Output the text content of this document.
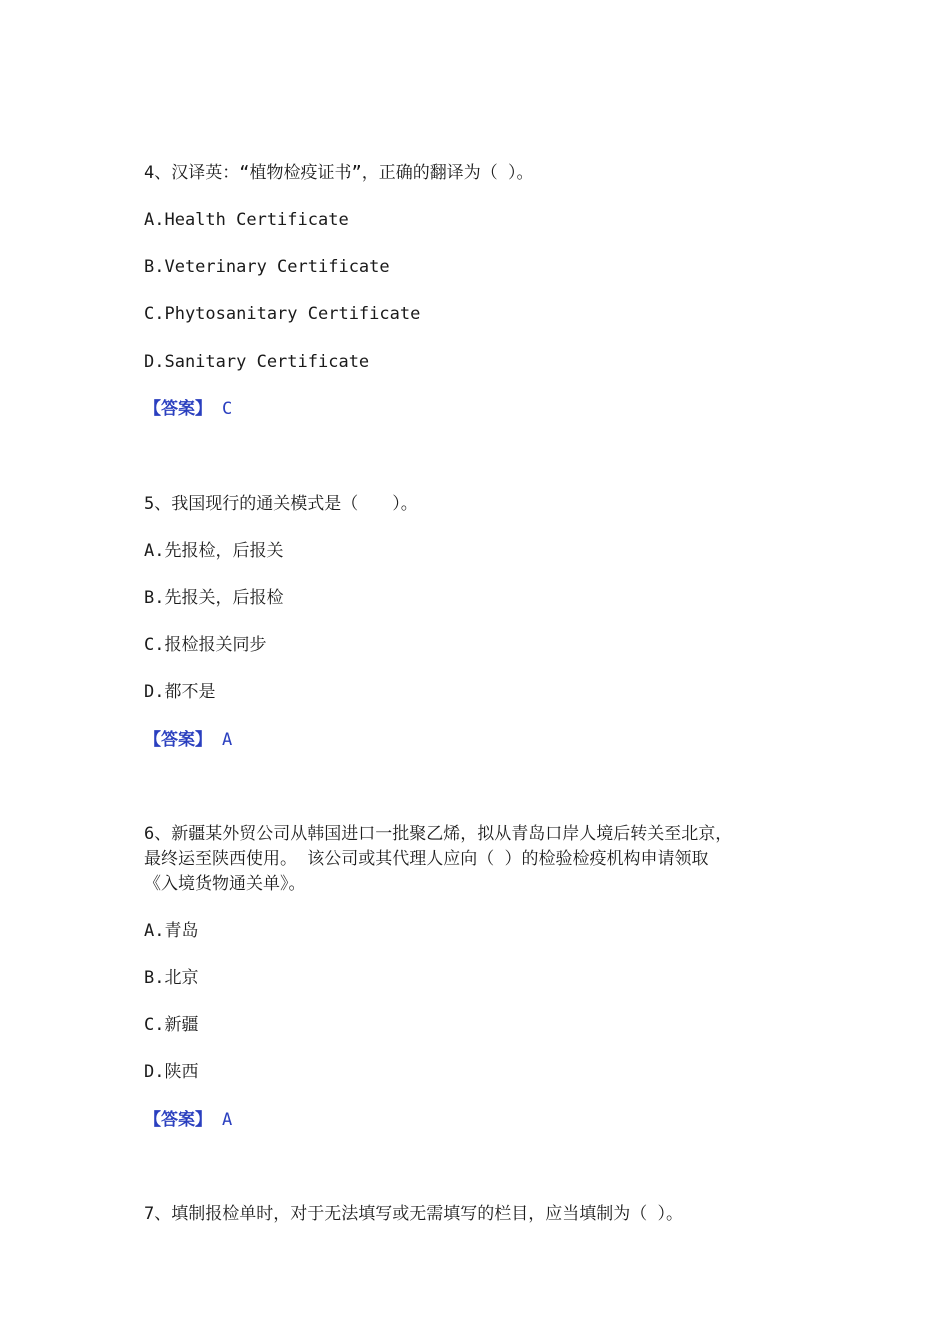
4、汉译英：“植物检疫证书”，正确的翻译为（ ）。
A.Health Certificate
B.Veterinary Certificate
C.Phytosanitary Certificate
D.Sanitary Certificate
【答案】 C
5、我国现行的通关模式是（　　）。
A.先报检，后报关
B.先报关，后报检
C.报检报关同步
D.都不是
【答案】 A
6、新疆某外贸公司从韩国进口一批聚乙烯，拟从青岛口岸人境后转关至北京，
最终运至陕西使用。 该公司或其代理人应向（ ）的检验检疫机构申请领取
《入境货物通关单》。
A.青岛
B.北京
C.新疆
D.陕西
【答案】 A
7、填制报检单时，对于无法填写或无需填写的栏目，应当填制为（ ）。
